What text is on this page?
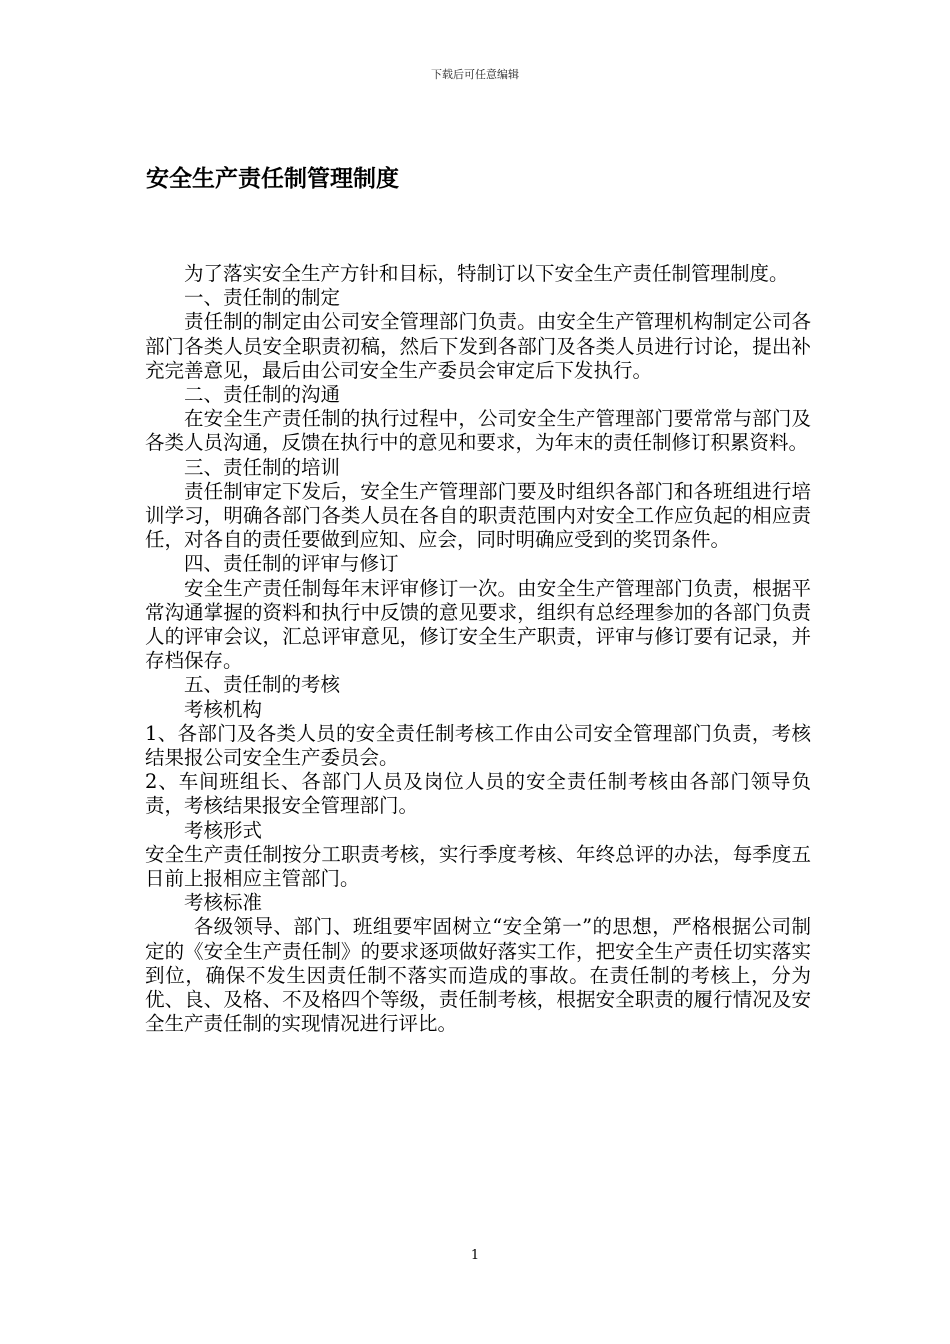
下载后可任意编辑
安全生产责任制管理制度

为了落实安全生产方针和目标，特制订以下安全生产责任制管理制度。

一、责任制的制定

责任制的制定由公司安全管理部门负责。由安全生产管理机构制定公司各部门各类人员安全职责初稿，然后下发到各部门及各类人员进行讨论，提出补充完善意见，最后由公司安全生产委员会审定后下发执行。

二、责任制的沟通

在安全生产责任制的执行过程中，公司安全生产管理部门要常常与部门及各类人员沟通，反馈在执行中的意见和要求，为年末的责任制修订积累资料。

三、责任制的培训

责任制审定下发后，安全生产管理部门要及时组织各部门和各班组进行培训学习，明确各部门各类人员在各自的职责范围内对安全工作应负起的相应责任，对各自的责任要做到应知、应会，同时明确应受到的奖罚条件。

四、责任制的评审与修订

安全生产责任制每年末评审修订一次。由安全生产管理部门负责，根据平常沟通掌握的资料和执行中反馈的意见要求，组织有总经理参加的各部门负责人的评审会议，汇总评审意见，修订安全生产职责，评审与修订要有记录，并存档保存。

五、责任制的考核

考核机构

1、各部门及各类人员的安全责任制考核工作由公司安全管理部门负责，考核结果报公司安全生产委员会。

2、车间班组长、各部门人员及岗位人员的安全责任制考核由各部门领导负责，考核结果报安全管理部门。

考核形式

安全生产责任制按分工职责考核，实行季度考核、年终总评的办法，每季度五日前上报相应主管部门。

考核标准

各级领导、部门、班组要牢固树立“安全第一”的思想，严格根据公司制定的《安全生产责任制》的要求逐项做好落实工作，把安全生产责任切实落实到位，确保不发生因责任制不落实而造成的事故。在责任制的考核上，分为优、良、及格、不及格四个等级，责任制考核，根据安全职责的履行情况及安全生产责任制的实现情况进行评比。

1
